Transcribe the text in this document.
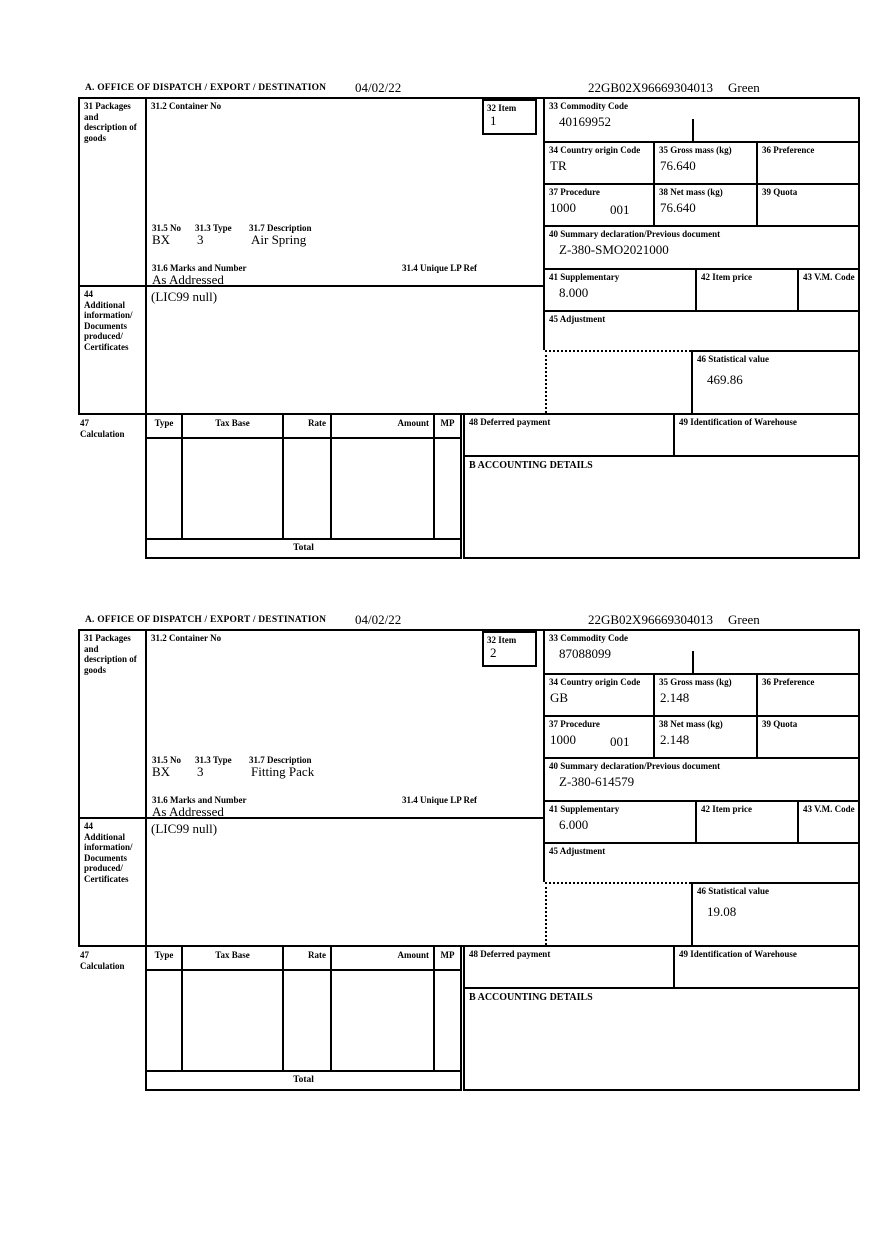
A. OFFICE OF DISPATCH / EXPORT / DESTINATION 04/02/22	22GB02X96669304013 Green
31 Packages and description of goods
44
Additional information/ Documents produced/ Certificates
31.2 Container No	32 Item
1
31.5 No 31.3 Type 31.7 Description
BX 3	Air Spring
31.6 Marks and Number	31.4 Unique LP Ref
As Addressed
(LIC99 null)
33 Commodity Code
40169952
34 Country origin Code
TR
35 Gross mass (kg)
76.640
36 Preference
37 Procedure
1000	001
38 Net mass (kg)
76.640
39 Quota
40 Summary declaration/Previous document
Z-380-SMO2021000
41 Supplementary
8.000
42 Item price	43 V.M. Code
45 Adjustment
46 Statistical value
469.86
47
Calculation
Type	Tax Base	Rate	Amount	MP
Total
48 Deferred payment	49 Identification of Warehouse
B ACCOUNTING DETAILS
A. OFFICE OF DISPATCH / EXPORT / DESTINATION 04/02/22	22GB02X96669304013 Green
31 Packages and description of goods
44
Additional information/ Documents produced/ Certificates
31.2 Container No	32 Item
2
31.5 No 31.3 Type 31.7 Description
BX 3	Fitting Pack
31.6 Marks and Number	31.4 Unique LP Ref
As Addressed
(LIC99 null)
33 Commodity Code
87088099
34 Country origin Code
GB
35 Gross mass (kg)
2.148
36 Preference
37 Procedure
1000	001
38 Net mass (kg)
2.148
39 Quota
40 Summary declaration/Previous document
Z-380-614579
41 Supplementary
6.000
42 Item price	43 V.M. Code
45 Adjustment
46 Statistical value
19.08
47
Calculation
Type	Tax Base	Rate	Amount	MP
Total
48 Deferred payment	49 Identification of Warehouse
B ACCOUNTING DETAILS
